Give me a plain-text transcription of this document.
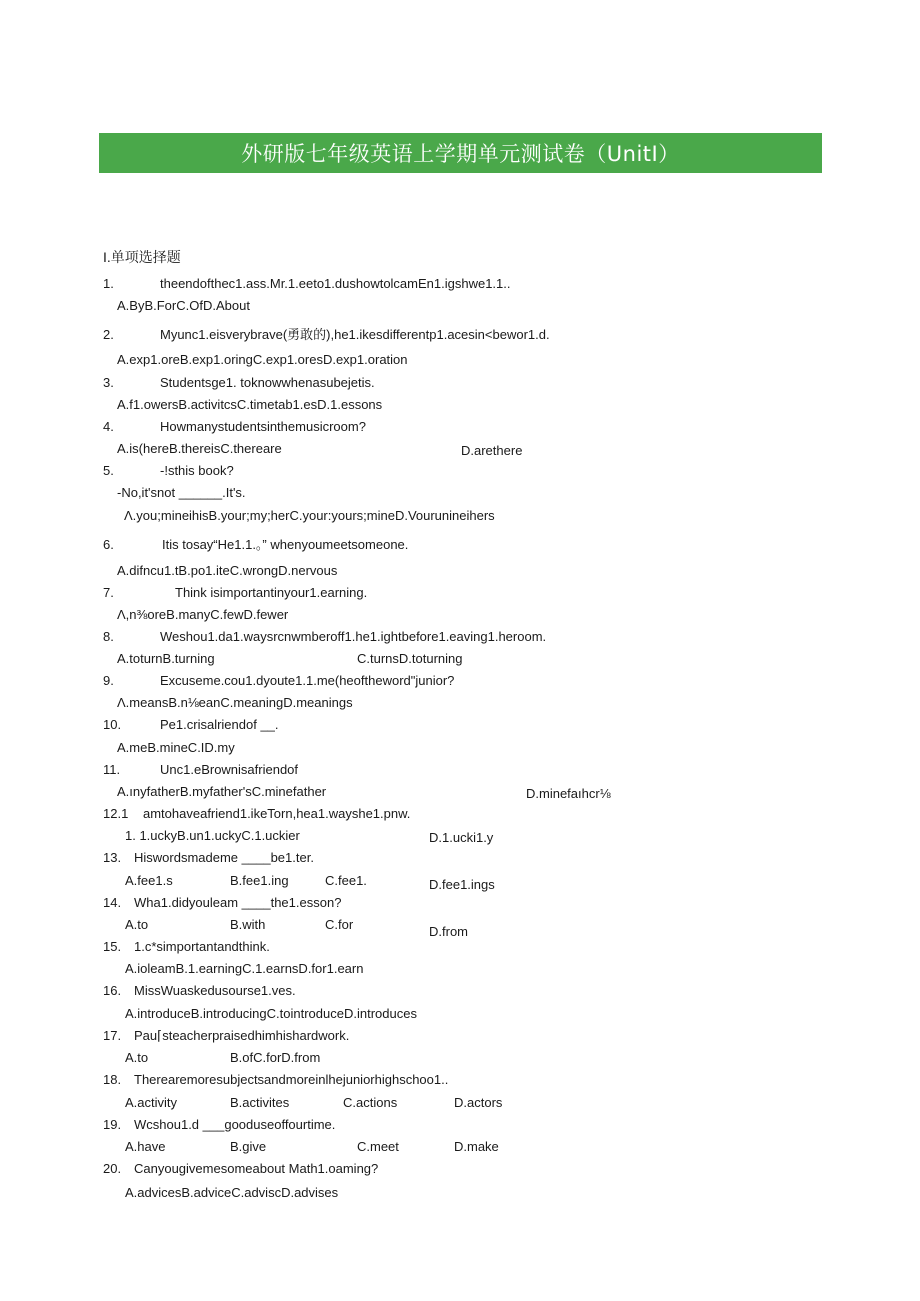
外研版七年级英语上学期单元测试卷（UnitⅠ）
I.单项选择题
1.	theendofthec1.ass.Mr.1.eeto1.dushowtolcamEn1.igshwe1.1..
A.ByB.ForC.OfD.About
2.	Myunc1.eisverybrave(勇敢的),he1.ikesdifferentp1.acesin<bewor1.d.
A.exp1.oreB.exp1.oringC.exp1.oresD.exp1.oration
3.	Studentsge1. toknowwhenasubejetis.
A.f1.owersB.activitcsC.timetab1.esD.1.essons
4.	Howmanystudentsinthemusicroom?
A.is(hereB.thereisC.thereare	D.arethere
5.	-!sthis book?
-No,it'snot ______.It's.
Λ.you;mineihisB.your;my;herC.your:yours;mineD.Vourunineihers
6.	Itis tosay“He1.1.。” whenyoumeetsomeone.
A.difncu1.tB.po1.iteC.wrongD.nervous
7.	Think isimportantinyour1.earning.
Λ,n⅜oreB.manyC.fewD.fewer
8.	Weshou1.da1.waysrcnwmberoff1.he1.ightbefore1.eaving1.heroom.
A.toturnB.turning	C.turnsD.toturning
9.	Excuseme.cou1.dyoute1.1.me(heoftheword"junior?
Λ.meansB.n⅛eanC.meaningD.meanings
10.	Pe1.crisalriendof __.
A.meB.mineC.ID.my
11.	Unc1.eBrownisafriendof
A.ınyfatherB.myfather'sC.minefather	D.minefaıhcr⅛
12.1 amtohaveafriend1.ikeTorn,hea1.wayshe1.pnw.
1. 1.uckyB.un1.uckyC.1.uckier	D.1.ucki1.y
13. Hiswordsmademe ____be1.ter.
A.fee1.s	B.fee1.ing	C.fee1.	D.fee1.ings
14. Wha1.didyouleam ____the1.esson?
A.to	B.with	C.for	D.from
15. 1.c*simportantandthink.
A.ioleamB.1.earningC.1.earnsD.for1.earn
16. MissWuaskedusourse1.ves.
A.introduceB.introducingC.tointroduceD.introduces
17. Pau⌈steacherpraisedhimhishardwork.
A.to	B.ofC.forD.from
18. Therearemoresubjectsandmoreinlhejuniorhighschoo1..
A.activity	B.activites	C.actions	D.actors
19. Wcshou1.d ___gooduseoffourtime.
A.have	B.give	C.meet	D.make
20. Canyougivemesomeabout Math1.oaming?
A.advicesB.adviceC.adviscD.advises
